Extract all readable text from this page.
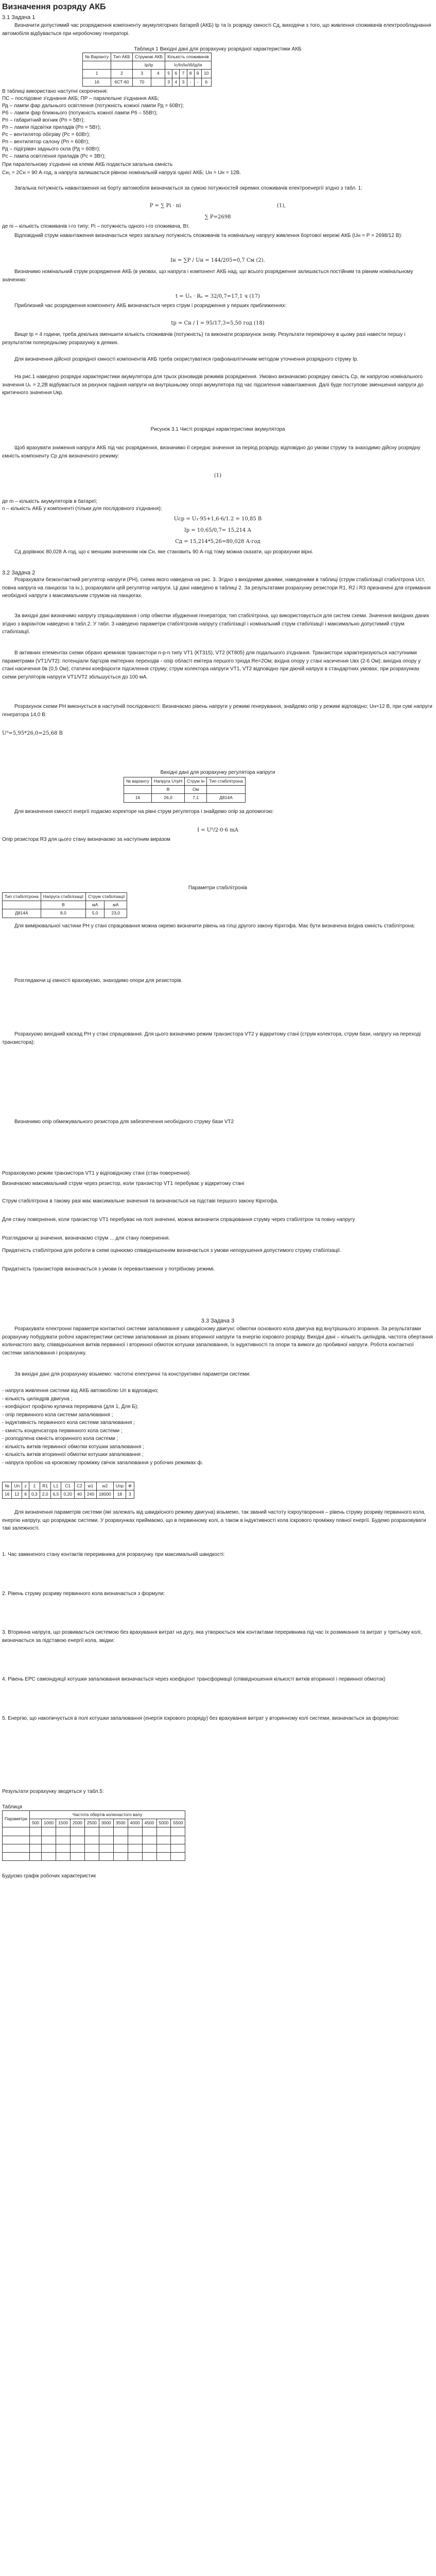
Визначення розряду АКБ
3.1 Задача 1
Визначити допустимий час розрядження компоненту акумуляторних батарей (АКБ) tр та їх розряду ємності Сд, виходячи з того, що живлення споживачів електрообладнання автомобіля відбувається при неробочому генераторі.
Таблиця 1 Вихідні дані для розрахунку розрядної характеристики АКБ
№ Варіанту	Тип АКБ	Струмові АКБ		Кількість споживачів					
		Iр/Ір		Іс/Іп/Ін/Іб/Ід/Ія					
1	2	3	4	5	6	7	8	9	10
16	6СТ-60	70		3	4	3	-	-	6
В таблиці використано наступні скорочення:
ПС – послідовне з'єднання АКБ; ПР – паралельне з'єднання АКБ;
Рд – лампи фар дальнього освітлення (потужність кожної лампи Рд = 60Вт);
Рб – лампи фар ближнього (потужність кожної лампи Рб – 55Вт);
Рп – габаритний вогник (Рп = 5Вт);
Рп – лампи підсвітки приладів (Рп = 5Вт);
Рс – вентилятор обігріву (Рс = 60Вт);
Рп – вентилятор салону (Рп = 60Вт);
Рд – підігрівач заднього скла (Рд = 60Вт);
Рс – лампа освітлення приладів (Рс = 3Вт);
При паралельному з'єднанні на клеми АКБ подається загальна ємність
Сн₁ = 2Сн = 90 А·год, а напруга залишається рівною номінальній напрузі однієї АКБ; Uн = Uн = 12В.
Загальна потужність навантаження на борту автомобіля визначається за сумою потужностей окремих споживачів електроенергії згідно з табл. 1:
P = ∑ Pi · ni	(1),
∑ P=2698
де ni – кількість споживачів i-го типу; Pi – потужність одного i-го споживача, Вт.
Відповідний струм навантаження визначається через загальну потужність споживачів та номінальну напругу живлення бортової мережі АКБ (Uн = Р = 2698/12 В):
Iн = ∑Р / Uн = 144/205=0,7 См (2).
Визначимо номінальний струм розрядження АКБ (в умовах, що напруга і компонент АКБ над, що всього розрядження залишається постійним та рівним номінальному значенню:
t = Uₙ · Rₙ = 32/0,7=17,1 ч (17)
Приблизний час розрядження компоненту АКБ визначається через струм і розрядження у перших приближеннях:
tp = Сн / I = 95/17,3=5,50 год (18)
Вище tp = 4 години, треба декілька зменшити кількість споживачів (потужність) та виконати розрахунок знову. Результати перевірочну в цьому разі навести першу і результатом попередньому розрахунку в деяких.
Для визначення дійсної розрядної ємності компонентів АКБ треба скористуватися графоаналітичним методом уточнення розрядного струму Iр.
На рис.1 наведено розрядні характеристики акумулятора для трьох різновидів режимів розрядження. Умовно визначаємо розрядну ємність Ср, як напругою номінального значення Uₖ = 2,2В відбувається за рахунок падіння напруги на внутрішньому опорі акумулятора під час підсилення навантаження. Далі буде поступове зменшення напруги до критичного значення Uкр.
Рисунок 3.1 Чисті розрядні характеристики акумулятора
Щоб врахувати зниження напруги АКБ під час розрядження, визначимо її середнє значення за період розряду, відповідно до умови струму та знаходимо дійсну розрядну ємність компоненту Ср для визначеного режиму:
(1)
де m – кількість акумуляторів в батареї;
n – кількість АКБ у компоненті (тільки для послідовного з'єднання);
Uср = U₁·95+1,6·6/1.2 = 10,85 В
Iр = 10,65/0,7= 15,214 А
Сд = 15,214*5,26=80,028 А·год
Сд дорівнює 80,028 А·год, що є меншим значенням ніж Сн, яке становить 90 А·год тому можна сказати, що розрахунки вірні.
3.2 Задача 2
Розрахувати безконтактний регулятор напруги (PH), схема якого наведена на рис. 3. Згідно з вихідними даними, наведеними в таблиці (струм стабілізації стабілітрона Uст, повна напруга на ланцюгах та ін.), розрахувати цей регулятор напруги. Ці дані наведено в таблиці 2. За результатами розрахунку резистори R1, R2 і R3 призначені для отримання необхідної напруги з максимальним струмом на ланцюгах.
За вихідні дані визначимо напругу спрацьовування і опір обмотки збудження генератора; тип стабілітрона, що використовується для систем схеми. Значення вихідних даних згідно з варіантом наведено в табл.2. У табл. 3 наведено параметри стабілітронів напругу стабілізації і номінальний струм стабілізації і максимально допустимий струм стабілізації.
В активних елементах схеми обрано кремнієві транзистори n-p-n типу VT1 (КТ315), VT2 (КТ805) для подальшого з'єднання. Транзистори характеризуються наступними параметрами (VT1/VT2): потенціали бар'єрів емітерних переходів - опір області емітера першого тріода Rе=2Ом; вхідна опору у стані насичення Uвх (2-6 Ом); вихідна опору у стані насичення 0в (0,5 Ом); статичні коефіцієнти підсилення струму; струм колектора напруги VT1, VT2 відповідно при діючій напрузі в стандартних умовах; при розрахунках схеми регуляторів напруги VT1/VT2 збільшується до 100 мА.
Розрахунок схеми PH виконується в наступній послідовності: Визначаємо рівень напруги у режимі генерування, знайдемо опір у режимі відповідно; Uн=12 В, при сумі напруги генератора 14,0 В:
U⁰=5,95*26,0=25,68 В
Вихідні дані для розрахунку регулятора напруги
№ варіанту	Напруга UтрН	Струм Iн	Тип стабілітрона
	В	Ом	
16	26,0	7,1	Д814А
Для визначення ємності енергії подаємо коректоре на рівні струм регулятора і знайдемо опір за допомогою:
I = U⁰/2·0·6 mA
Опір резистора R3 для цього стану визначаємо за наступним виразом
Параметри стабілітронів
Тип стабілітрона	Напруга стабілізації	Струм стабілізації	
	В	мА	мА
Д814А	8,0	5,0	23,0
Для вимірювальної частини PH у стані спрацювання можна окремо визначити рівень на гілці другого закону Кірхгофа. Має бути визначена вхідна ємність стабілітрона:
Розглядаючи ці ємності враховуємо, знаходимо опори для резисторів.
Розрахуємо вихідний каскад PH у стані спрацювання. Для цього визначимо режим транзистора VT2 у відкритому стані (струм колектора, струм бази, напругу на переході транзистора):
Визначимо опір обмежувального резистора для забезпечення необхідного струму бази VT2
Розраховуємо режим транзистора VT1 у відповідному стані (стан повернення).
Визначаємо максимальний струм через резистор, коли транзистор VT1 перебуває у відкритому стані
Струм стабілітрона в такому разі має максимальне значення та визначається на підставі першого закону Кірхгофа.
Для стану повернення, коли транзистор VT1 перебуває на полі значенні, можна визначити спрацювання струму через стабілітрон та повну напругу
Розглядаючи ці значення, визначаємо струм ... для стану повернення.
Придатність стабілітрона для роботи в схемі оцінюємо співвідношенням визначається з умови непорушення допустимого струму стабілізації.
Придатність транзисторів визначається з умови їх перевантаження у потрібному режимі.
3.3 Задача 3
Розрахувати електронні параметри контактної системи запалювання у швидкісному двигуні: обмотки основного кола двигуна від внутрішнього згорання. За результатами розрахунку побудувати робочі характеристики системи запалювання за різних вторинної напруги та енергію іскрового розряду. Вихідні дані – кількість циліндрів, частота обертання колінчастого валу, співвідношення витків первинної і вторинної обмоток котушки запалювання, їх індуктивності та опори та вимоги до пробивної напруги. Робота контактної системи запалювання і розрахунку.
За вихідні дані для розрахунку візьмемо: частотні електричні та конструктивні параметри системи:
- напруга живлення системи від АКБ автомобілю Uп в відповідно;
- кількість циліндрів двигуна ;
- коефіцієнт профілю кулачка переривача (для 1, Для Б);
- опір первинного кола системи запалювання ;
- індуктивність первинного кола системи запалювання ;
- ємність конденсатора первинного кола системи ;
- розподілена ємність вторинного кола системи ;
- кількість витків первинної обмотки котушки запалювання ;
- кількість витків вторинної обмотки котушки запалювання ;
- напруга пробою на кроковому проміжку свічок запалювання у робочих режимах ф.
№	Uп	z	ξ	R1	L1	C1	C2	w1	w2	Uпр	Ф
16	12	6	0,3	2,0	6,5	0,20	40	240	18000	18	3
Для визначення параметрів системи (які залежать від швидкісного режиму двигуна) візьмемо, так званий частоту іскроутворення – рівень струму розриву первинного кола, енергію напругу, що розряджає системи. У розрахунках приймаємо, що в первинному колі, а також в індуктивності кола іскрового проміжку повної енергії. Будемо розраховувати такі залежності.
1. Час замкненого стану контактів переривника для розрахунку при максимальній швидкості:
2. Рівень струму розриву первинного кола визначається з формули:
3. Вторинна напруга, що розвивається системою без врахування витрат на дугу, яка утворюється між контактами переривника під час їх розмикання та витрат у третьому колі, визначається за підставою енергії кола, звідки:
4. Рівень ЕРС самоіндукції котушки запалювання визначається через коефіцієнт трансформації (співвідношення кількості витків вторинної і первинної обмоток)
5. Енергію, що накопичується в полі котушки запалювання (енергія іскрового розряду) без врахування витрат у вторинному колі системи, визначається за формулою:
Результати розрахунку зводяться у табл.5:
Таблиця
Параметри	Частота обертів колінчастого валу										
	500	1000	1500	2000	2500	3000	3500	4000	4500	5000	5500

Будуємо графік робочих характеристик
